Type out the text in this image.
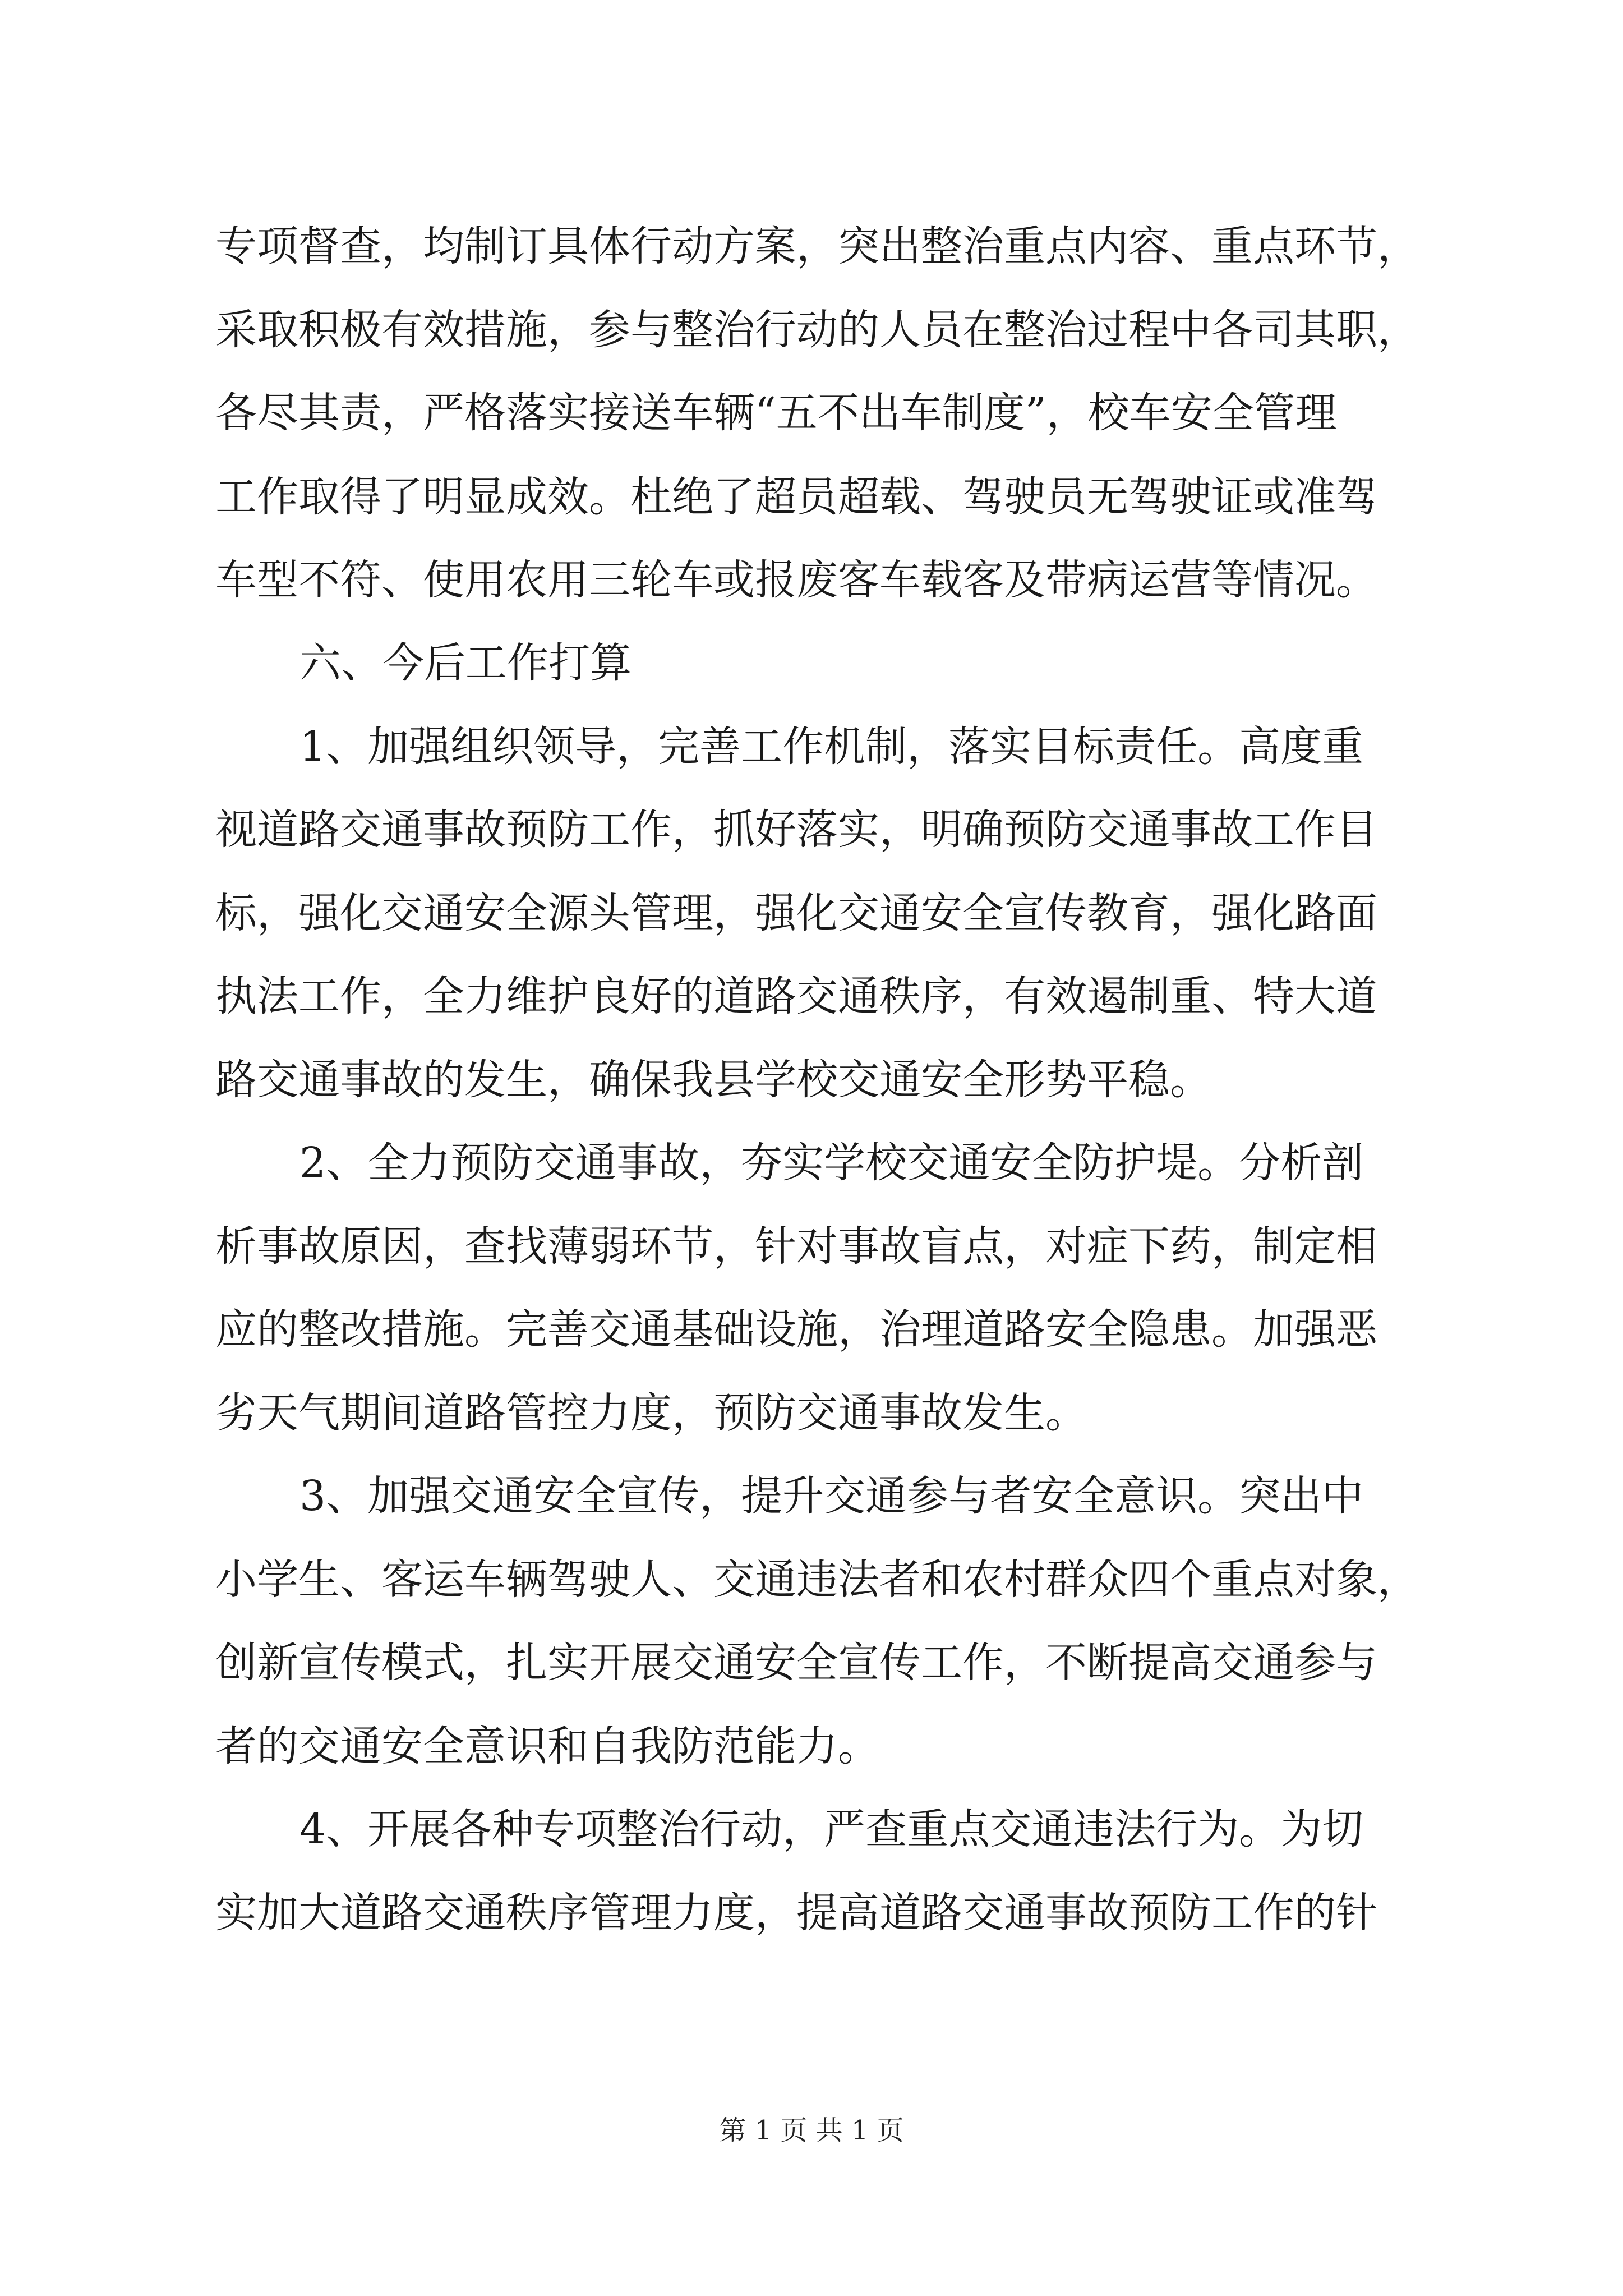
专项督查，均制订具体行动方案，突出整治重点内容、重点环节，
采取积极有效措施，参与整治行动的人员在整治过程中各司其职，
各尽其责，严格落实接送车辆“五不出车制度”，校车安全管理
工作取得了明显成效。杜绝了超员超载、驾驶员无驾驶证或准驾
车型不符、使用农用三轮车或报废客车载客及带病运营等情况。
六、今后工作打算
1、加强组织领导，完善工作机制，落实目标责任。高度重
视道路交通事故预防工作，抓好落实，明确预防交通事故工作目
标，强化交通安全源头管理，强化交通安全宣传教育，强化路面
执法工作，全力维护良好的道路交通秩序，有效遏制重、特大道
路交通事故的发生，确保我县学校交通安全形势平稳。
2、全力预防交通事故，夯实学校交通安全防护堤。分析剖
析事故原因，查找薄弱环节，针对事故盲点，对症下药，制定相
应的整改措施。完善交通基础设施，治理道路安全隐患。加强恶
劣天气期间道路管控力度，预防交通事故发生。
3、加强交通安全宣传，提升交通参与者安全意识。突出中
小学生、客运车辆驾驶人、交通违法者和农村群众四个重点对象，
创新宣传模式，扎实开展交通安全宣传工作，不断提高交通参与
者的交通安全意识和自我防范能力。
4、开展各种专项整治行动，严查重点交通违法行为。为切
实加大道路交通秩序管理力度，提高道路交通事故预防工作的针
第 1 页 共 1 页
